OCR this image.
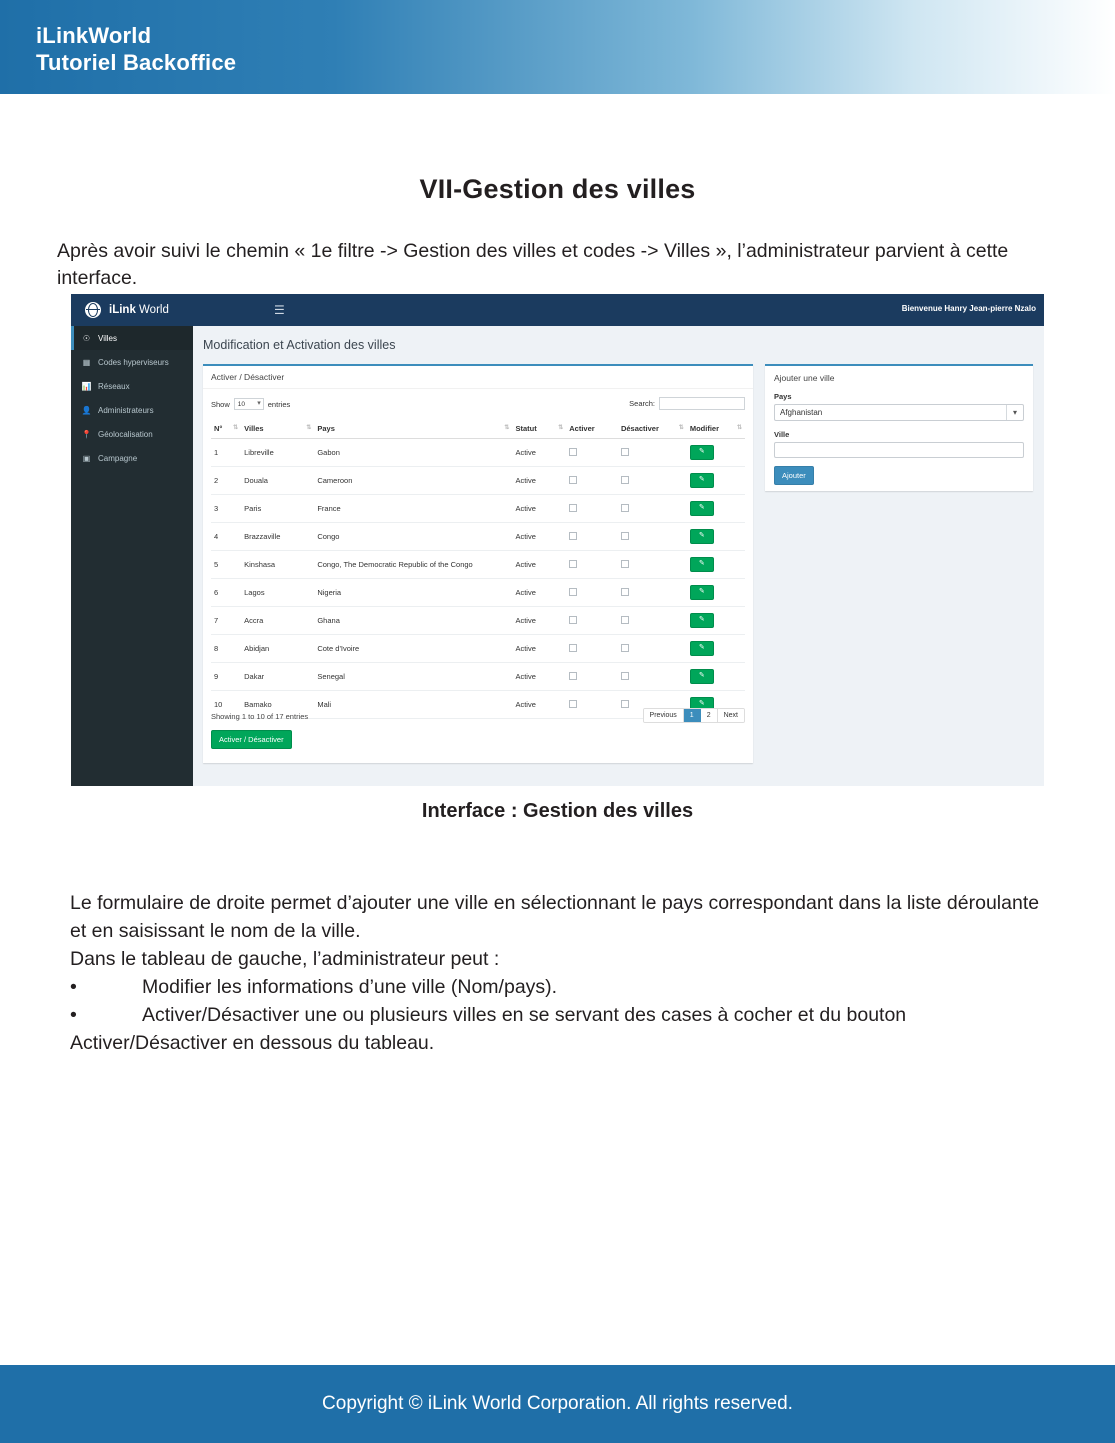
iLinkWorld
Tutoriel Backoffice
VII-Gestion des villes

Après avoir suivi le chemin « 1e filtre -> Gestion des villes et codes -> Villes », l’administrateur parvient à cette interface.

iLink World	☰	Bienvenue Hanry Jean-pierre Nzalo
☉ Villes
▦ Codes hyperviseurs
📊 Réseaux
👤 Administrateurs
📍 Géolocalisation
▣ Campagne
Modification et Activation des villes
Activer / Désactiver
Show	10 ▾	entries	Search:
N° ⇅	Villes ⇅	Pays ⇅	Statut ⇅	Activer	Désactiver ⇅	Modifier ⇅

1	Libreville	Gabon	Active			✎
2	Douala	Cameroon	Active			✎
3	Paris	France	Active			✎
4	Brazzaville	Congo	Active			✎
5	Kinshasa	Congo, The Democratic Republic of the Congo	Active			✎
6	Lagos	Nigeria	Active			✎
7	Accra	Ghana	Active			✎
8	Abidjan	Cote d'Ivoire	Active			✎
9	Dakar	Senegal	Active			✎
10	Bamako	Mali	Active			✎
Showing 1 to 10 of 17 entries	Previous	1	2	Next
Activer / Désactiver
Ajouter une ville
Pays
Afghanistan	▾
Ville
Ajouter
Interface : Gestion des villes
Le formulaire de droite permet d’ajouter une ville en sélectionnant le pays correspondant dans la liste déroulante et en saisissant le nom de la ville.
Dans le tableau de gauche, l’administrateur peut :
•	Modifier les informations d’une ville (Nom/pays).
•	Activer/Désactiver une ou plusieurs villes en se servant des cases à cocher et du bouton
Activer/Désactiver en dessous du tableau.
Copyright © iLink World Corporation. All rights reserved.
